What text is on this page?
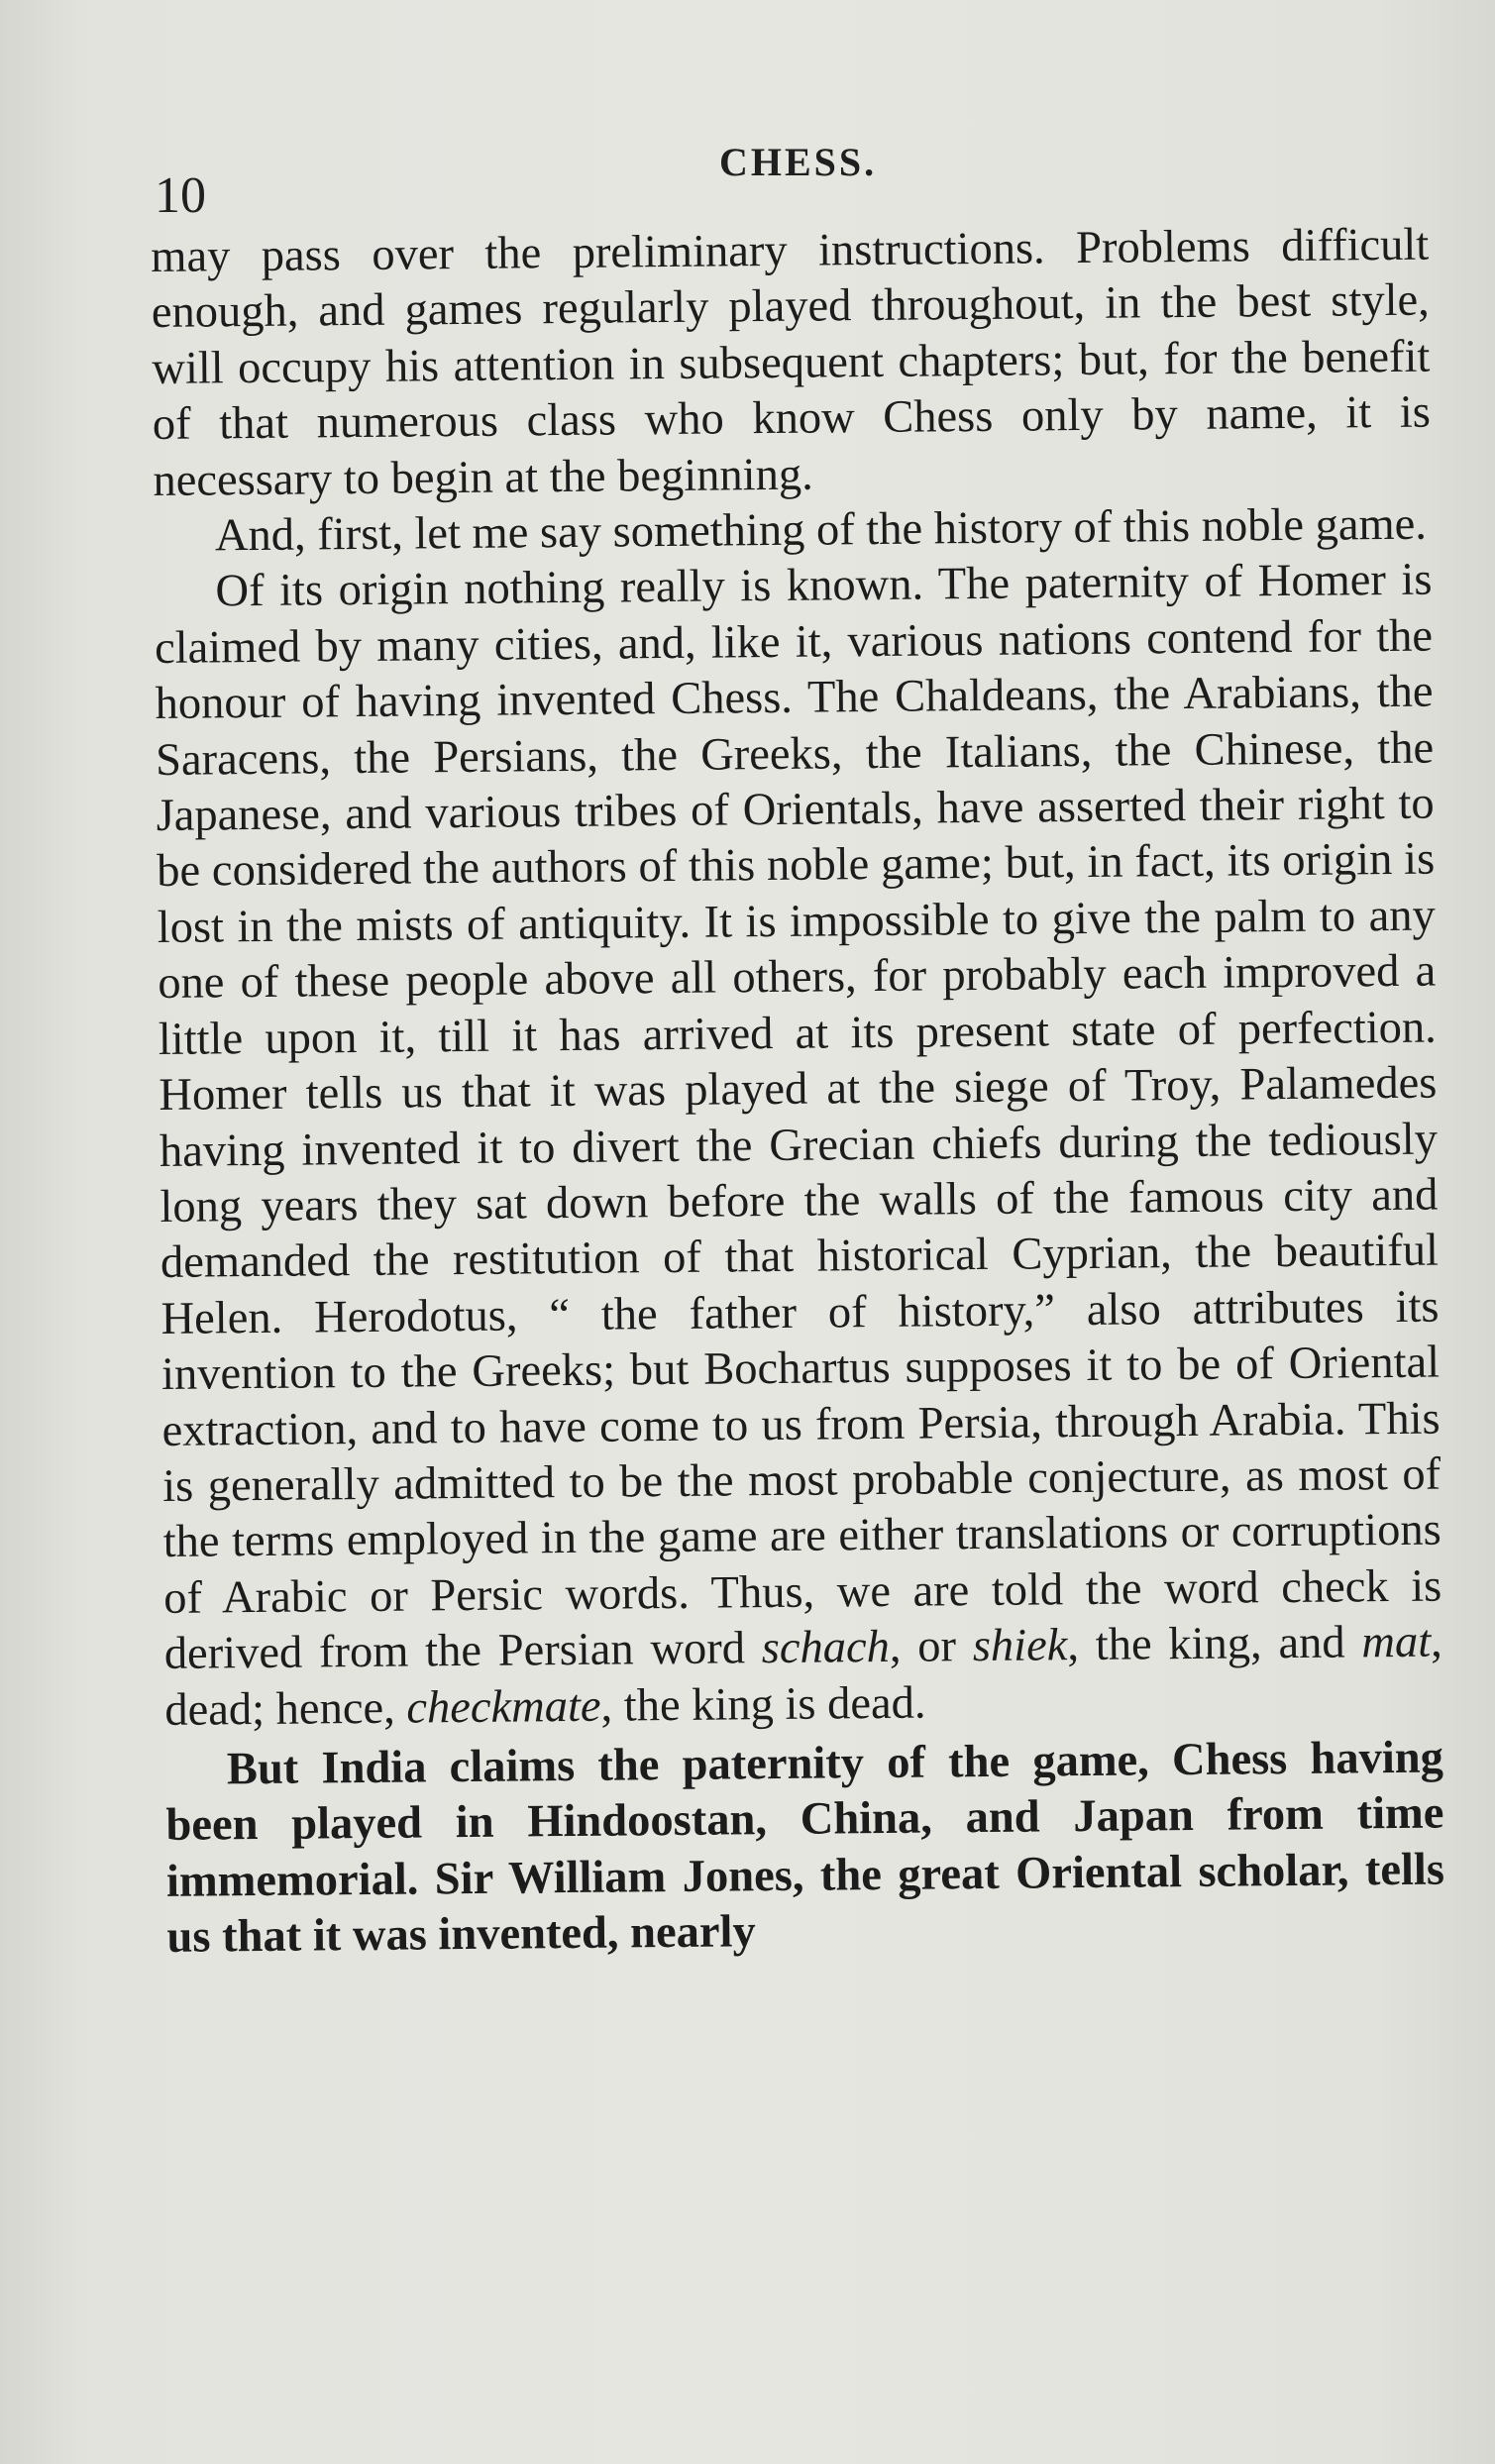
10
CHESS.

may pass over the preliminary instructions. Problems difficult enough, and games regularly played throughout, in the best style, will occupy his attention in subsequent chapters; but, for the benefit of that numerous class who know Chess only by name, it is necessary to begin at the beginning.

And, first, let me say something of the history of this noble game.

Of its origin nothing really is known. The paternity of Homer is claimed by many cities, and, like it, various nations contend for the honour of having invented Chess. The Chaldeans, the Arabians, the Saracens, the Persians, the Greeks, the Italians, the Chinese, the Japanese, and various tribes of Orientals, have asserted their right to be considered the authors of this noble game; but, in fact, its origin is lost in the mists of antiquity. It is impossible to give the palm to any one of these people above all others, for probably each improved a little upon it, till it has arrived at its present state of perfection. Homer tells us that it was played at the siege of Troy, Palamedes having invented it to divert the Grecian chiefs during the tediously long years they sat down before the walls of the famous city and demanded the restitution of that historical Cyprian, the beautiful Helen. Herodotus, “ the father of history,” also attributes its invention to the Greeks; but Bochartus supposes it to be of Oriental extraction, and to have come to us from Persia, through Arabia. This is generally admitted to be the most probable conjecture, as most of the terms employed in the game are either translations or corruptions of Arabic or Persic words. Thus, we are told the word check is derived from the Persian word schach, or shiek, the king, and mat, dead; hence, checkmate, the king is dead.

But India claims the paternity of the game, Chess having been played in Hindoostan, China, and Japan from time immemorial. Sir William Jones, the great Oriental scholar, tells us that it was invented, nearly
